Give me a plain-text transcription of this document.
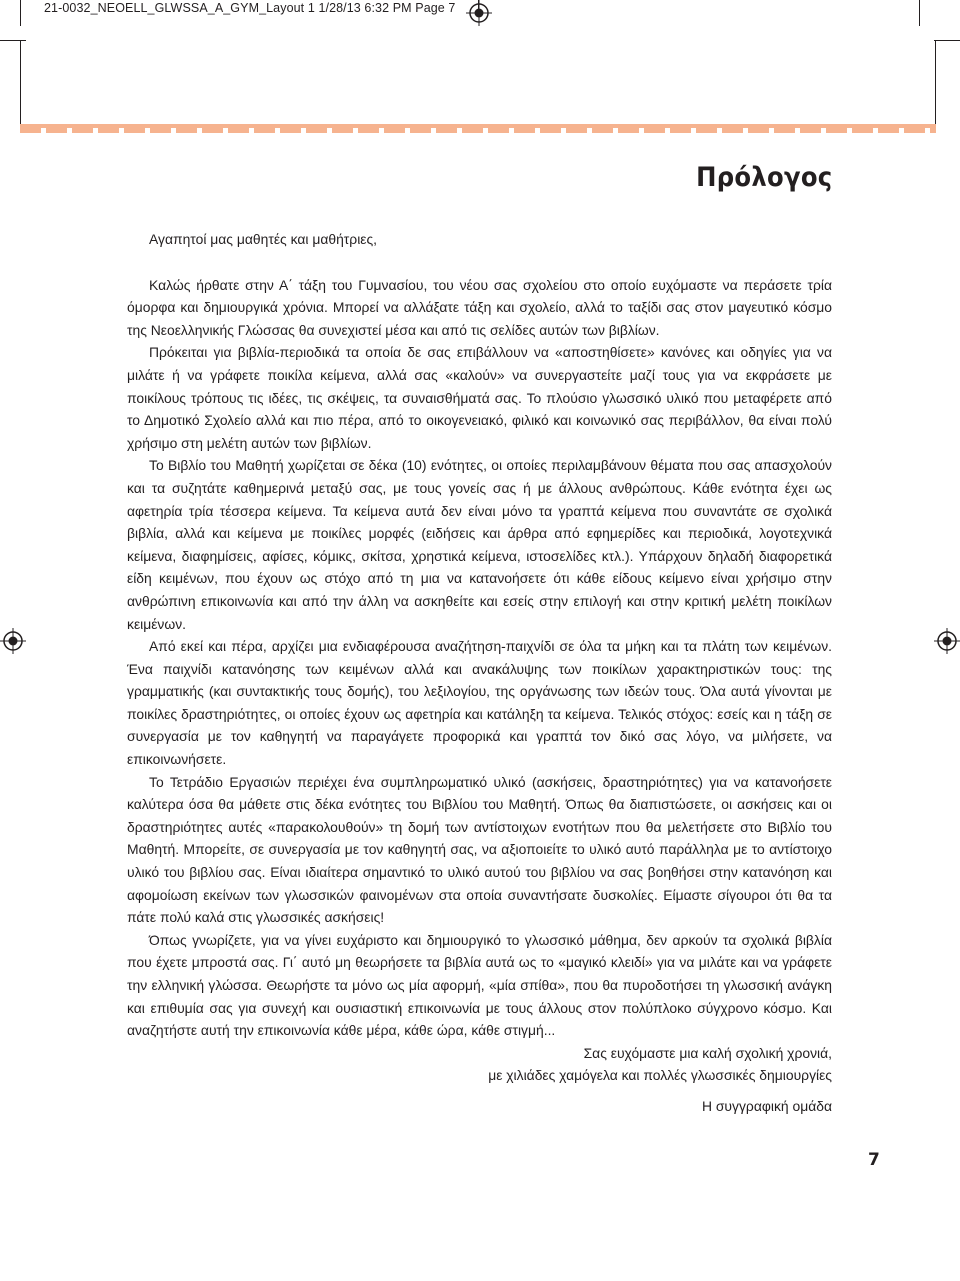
21-0032_NEOELL_GLWSSA_A_GYM_Layout 1 1/28/13 6:32 PM Page 7
Πρόλογος

Αγαπητοί μας μαθητές και μαθήτριες,

Καλώς ήρθατε στην Α΄ τάξη του Γυμνασίου, του νέου σας σχολείου στο οποίο ευχόμαστε να περάσετε τρία όμορφα και δημιουργικά χρόνια. Μπορεί να αλλάξατε τάξη και σχολείο, αλλά το ταξίδι σας στον μαγευτικό κόσμο της Νεοελληνικής Γλώσσας θα συνεχιστεί μέσα και από τις σελίδες αυτών των βιβλίων.

Πρόκειται για βιβλία-περιοδικά τα οποία δε σας επιβάλλουν να «αποστηθίσετε» κανόνες και οδηγίες για να μιλάτε ή να γράφετε ποικίλα κείμενα, αλλά σας «καλούν» να συνεργαστείτε μαζί τους για να εκφράσετε με ποικίλους τρόπους τις ιδέες, τις σκέψεις, τα συναισθήματά σας. Το πλούσιο γλωσσικό υλικό που μεταφέρετε από το Δημοτικό Σχολείο αλλά και πιο πέρα, από το οικογενειακό, φιλικό και κοινωνικό σας περιβάλλον, θα είναι πολύ χρήσιμο στη μελέτη αυτών των βιβλίων.

Το Βιβλίο του Μαθητή χωρίζεται σε δέκα (10) ενότητες, οι οποίες περιλαμβάνουν θέματα που σας απασχολούν και τα συζητάτε καθημερινά μεταξύ σας, με τους γονείς σας ή με άλλους ανθρώπους. Κάθε ενότητα έχει ως αφετηρία τρία τέσσερα κείμενα. Τα κείμενα αυτά δεν είναι μόνο τα γραπτά κείμενα που συναντάτε σε σχολικά βιβλία, αλλά και κείμενα με ποικίλες μορφές (ειδήσεις και άρθρα από εφημερίδες και περιοδικά, λογοτεχνικά κείμενα, διαφημίσεις, αφίσες, κόμικς, σκίτσα, χρηστικά κείμενα, ιστοσελίδες κτλ.). Υπάρχουν δηλαδή διαφορετικά είδη κειμένων, που έχουν ως στόχο από τη μια να κατανοήσετε ότι κάθε είδους κείμενο είναι χρήσιμο στην ανθρώπινη επικοινωνία και από την άλλη να ασκηθείτε και εσείς στην επιλογή και στην κριτική μελέτη ποικίλων κειμένων.

Από εκεί και πέρα, αρχίζει μια ενδιαφέρουσα αναζήτηση-παιχνίδι σε όλα τα μήκη και τα πλάτη των κειμένων. Ένα παιχνίδι κατανόησης των κειμένων αλλά και ανακάλυψης των ποικίλων χαρακτηριστικών τους: της γραμματικής (και συντακτικής τους δομής), του λεξιλογίου, της οργάνωσης των ιδεών τους. Όλα αυτά γίνονται με ποικίλες δραστηριότητες, οι οποίες έχουν ως αφετηρία και κατάληξη τα κείμενα. Τελικός στόχος: εσείς και η τάξη σε συνεργασία με τον καθηγητή να παραγάγετε προφορικά και γραπτά τον δικό σας λόγο, να μιλήσετε, να επικοινωνήσετε.

Το Τετράδιο Εργασιών περιέχει ένα συμπληρωματικό υλικό (ασκήσεις, δραστηριότητες) για να κατανοήσετε καλύτερα όσα θα μάθετε στις δέκα ενότητες του Βιβλίου του Μαθητή. Όπως θα διαπιστώσετε, οι ασκήσεις και οι δραστηριότητες αυτές «παρακολουθούν» τη δομή των αντίστοιχων ενοτήτων που θα μελετήσετε στο Βιβλίο του Μαθητή. Μπορείτε, σε συνεργασία με τον καθηγητή σας, να αξιοποιείτε το υλικό αυτό παράλληλα με το αντίστοιχο υλικό του βιβλίου σας. Είναι ιδιαίτερα σημαντικό το υλικό αυτού του βιβλίου να σας βοηθήσει στην κατανόηση και αφομοίωση εκείνων των γλωσσικών φαινομένων στα οποία συναντήσατε δυσκολίες. Είμαστε σίγουροι ότι θα τα πάτε πολύ καλά στις γλωσσικές ασκήσεις!

Όπως γνωρίζετε, για να γίνει ευχάριστο και δημιουργικό το γλωσσικό μάθημα, δεν αρκούν τα σχολικά βιβλία που έχετε μπροστά σας. Γι΄ αυτό μη θεωρήσετε τα βιβλία αυτά ως το «μαγικό κλειδί» για να μιλάτε και να γράφετε την ελληνική γλώσσα. Θεωρήστε τα μόνο ως μία αφορμή, «μία σπίθα», που θα πυροδοτήσει τη γλωσσική ανάγκη και επιθυμία σας για συνεχή και ουσιαστική επικοινωνία με τους άλλους στον πολύπλοκο σύγχρονο κόσμο. Και αναζητήστε αυτή την επικοινωνία κάθε μέρα, κάθε ώρα, κάθε στιγμή...

Σας ευχόμαστε μια καλή σχολική χρονιά,

με χιλιάδες χαμόγελα και πολλές γλωσσικές δημιουργίες

Η συγγραφική ομάδα

7
